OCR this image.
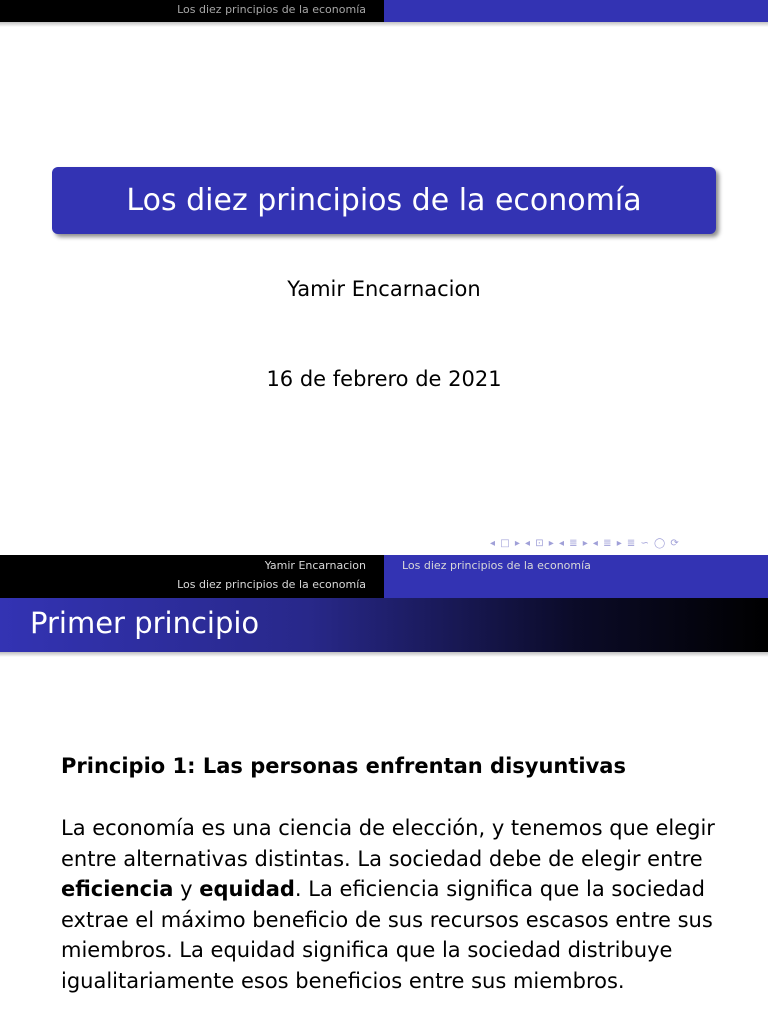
Los diez principios de la economía
Los diez principios de la economía
Yamir Encarnacion
16 de febrero de 2021
◂ □ ▸ ◂ ⊡ ▸ ◂ ≣ ▸ ◂ ≣ ▸ ≣ ∽ ◯ ⟳
Yamir Encarnacion
Los diez principios de la economía
Los diez principios de la economía
Primer principio
Principio 1: Las personas enfrentan disyuntivas
La economía es una ciencia de elección, y tenemos que elegir entre alternativas distintas. La sociedad debe de elegir entre eficiencia y equidad. La eficiencia significa que la sociedad extrae el máximo beneficio de sus recursos escasos entre sus miembros. La equidad significa que la sociedad distribuye igualitariamente esos beneficios entre sus miembros.
